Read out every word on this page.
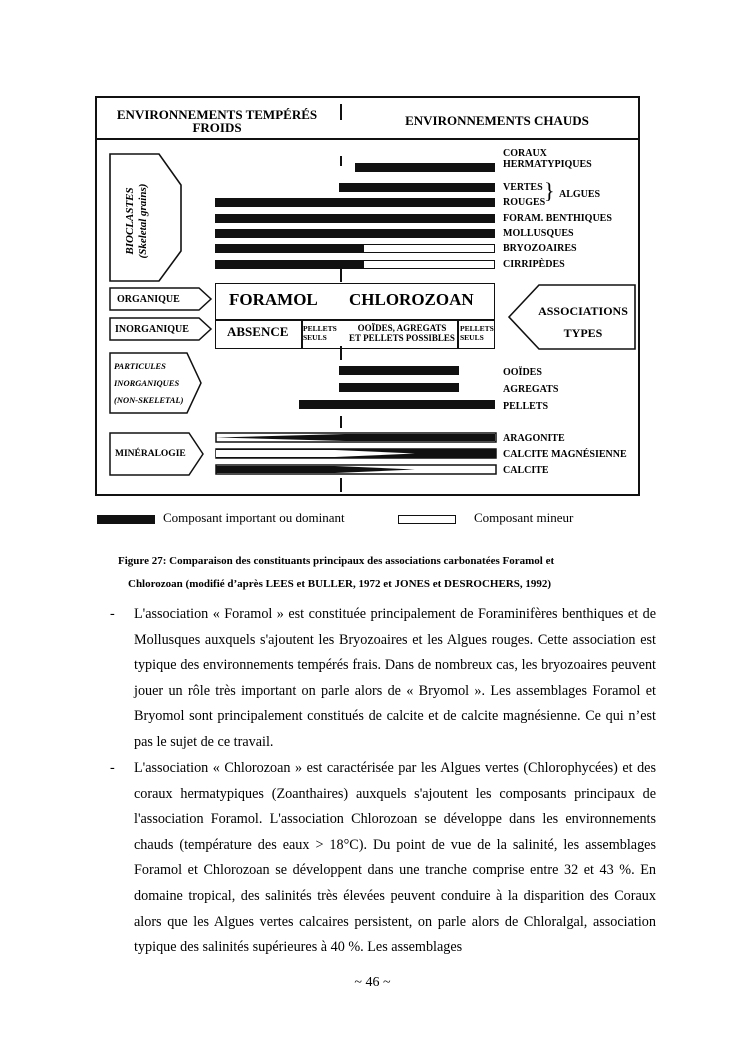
ENVIRONNEMENTS TEMPÉRÉS
FROIDS	ENVIRONNEMENTS CHAUDS
BIOCLASTES (Skeletal grains)
CORAUX
HERMATYPIQUES
VERTES
ROUGES
} ALGUES
FORAM. BENTHIQUES
MOLLUSQUES
BRYOZOAIRES
CIRRIPÈDES
ORGANIQUE
INORGANIQUE
FORAMOL CHLOROZOAN
ABSENCE PELLETS SEULS
OOÏDES, AGREGATS
ET PELLETS POSSIBLES
PELLETS SEULS
ASSOCIATIONS
TYPES
PARTICULES
INORGANIQUES
(NON-SKELETAL)
OOÏDES
AGREGATS
PELLETS
MINÉRALOGIE
ARAGONITE
CALCITE MAGNÉSIENNE
CALCITE
Composant important ou dominant	Composant mineur
Figure 27: Comparaison des constituants principaux des associations carbonatées Foramol et
Chlorozoan (modifié d’après LEES et BULLER, 1972 et JONES et DESROCHERS, 1992)
- L'association « Foramol » est constituée principalement de Foraminifères benthiques et de Mollusques auxquels s'ajoutent les Bryozoaires et les Algues rouges. Cette association est typique des environnements tempérés frais. Dans de nombreux cas, les bryozoaires peuvent jouer un rôle très important on parle alors de « Bryomol ». Les assemblages Foramol et Bryomol sont principalement constitués de calcite et de calcite magnésienne. Ce qui n’est pas le sujet de ce travail.
- L'association « Chlorozoan » est caractérisée par les Algues vertes (Chlorophycées) et des coraux hermatypiques (Zoanthaires) auxquels s'ajoutent les composants principaux de l'association Foramol. L'association Chlorozoan se développe dans les environnements chauds (température des eaux > 18°C). Du point de vue de la salinité, les assemblages Foramol et Chlorozoan se développent dans une tranche comprise entre 32 et 43 %. En domaine tropical, des salinités très élevées peuvent conduire à la disparition des Coraux alors que les Algues vertes calcaires persistent, on parle alors de Chloralgal, association typique des salinités supérieures à 40 %. Les assemblages
~ 46 ~
